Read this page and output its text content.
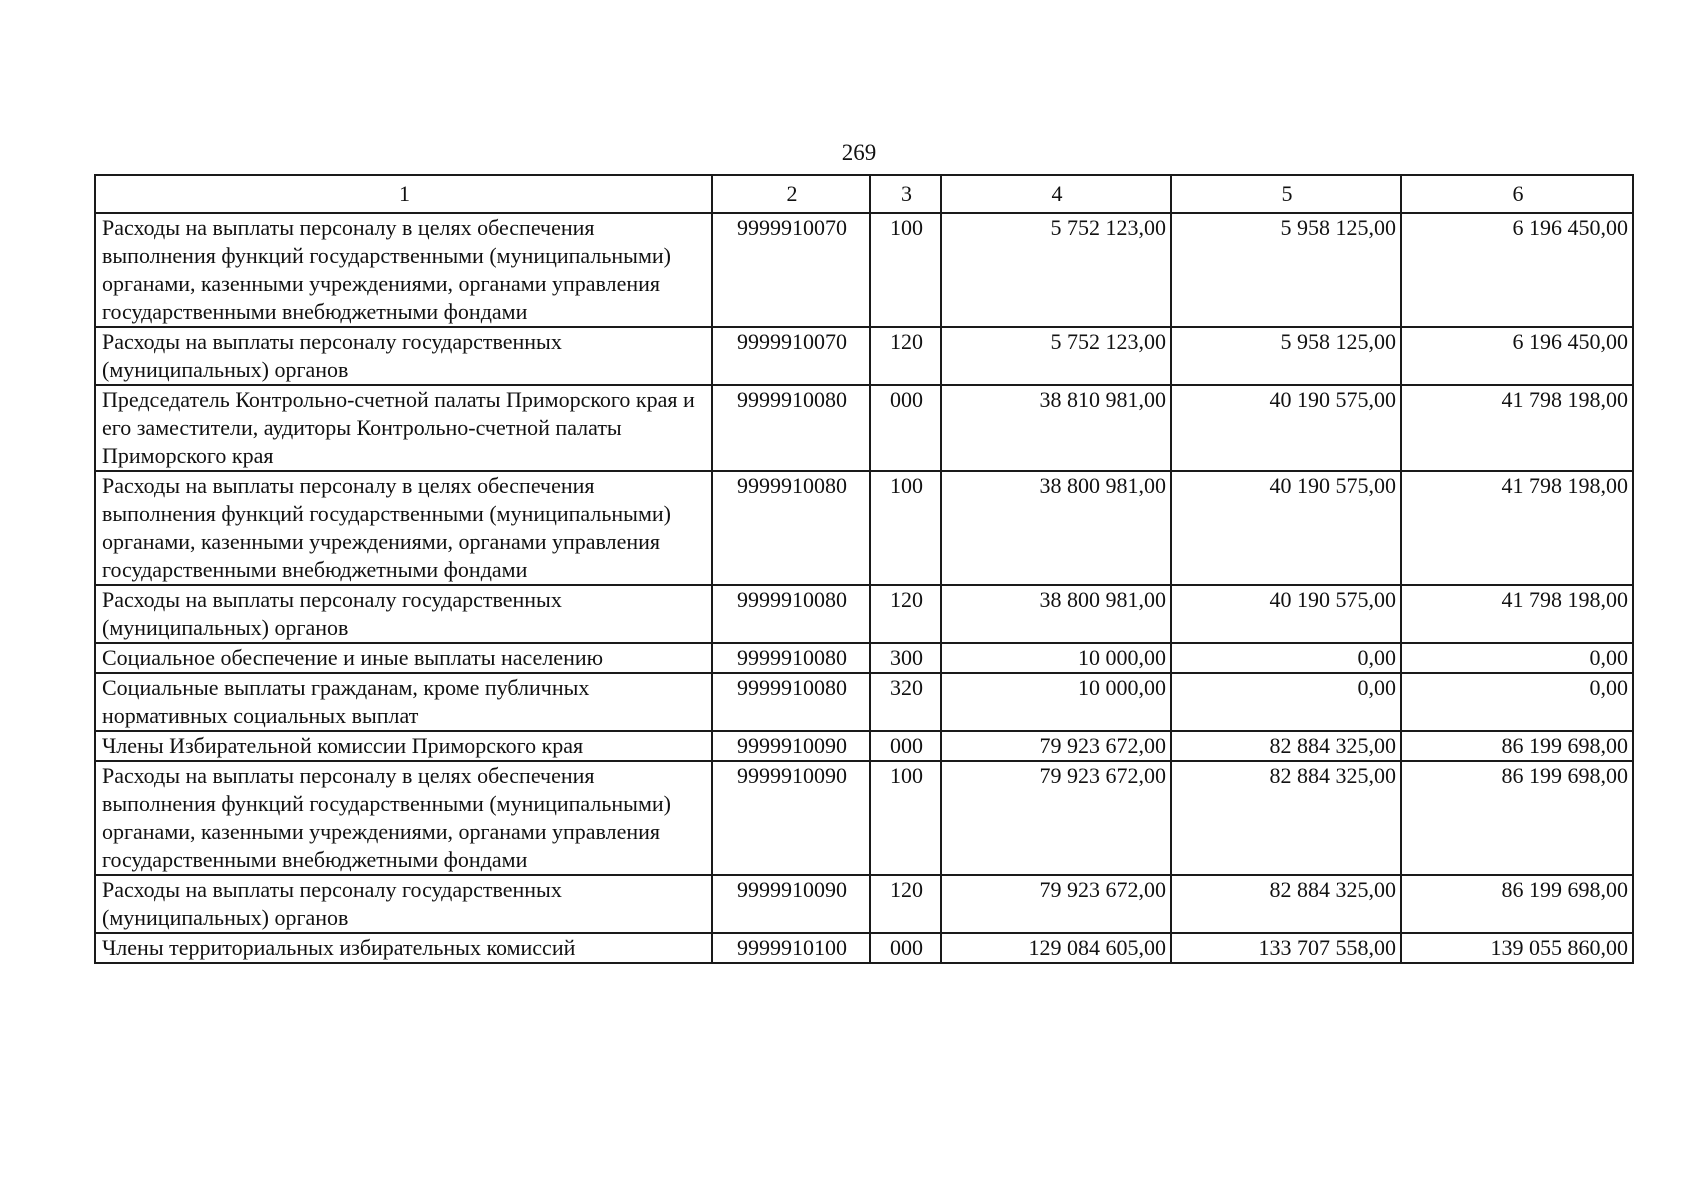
269
1	2	3	4	5	6
Расходы на выплаты персоналу в целях обеспечения выполнения функций государственными (муниципальными) органами, казенными учреждениями, органами управления государственными внебюджетными фондами	9999910070	100	5 752 123,00	5 958 125,00	6 196 450,00
Расходы на выплаты персоналу государственных (муниципальных) органов	9999910070	120	5 752 123,00	5 958 125,00	6 196 450,00
Председатель Контрольно-счетной палаты Приморского края и его заместители, аудиторы Контрольно-счетной палаты Приморского края	9999910080	000	38 810 981,00	40 190 575,00	41 798 198,00
Расходы на выплаты персоналу в целях обеспечения выполнения функций государственными (муниципальными) органами, казенными учреждениями, органами управления государственными внебюджетными фондами	9999910080	100	38 800 981,00	40 190 575,00	41 798 198,00
Расходы на выплаты персоналу государственных (муниципальных) органов	9999910080	120	38 800 981,00	40 190 575,00	41 798 198,00
Социальное обеспечение и иные выплаты населению	9999910080	300	10 000,00	0,00	0,00
Социальные выплаты гражданам, кроме публичных нормативных социальных выплат	9999910080	320	10 000,00	0,00	0,00
Члены Избирательной комиссии Приморского края	9999910090	000	79 923 672,00	82 884 325,00	86 199 698,00
Расходы на выплаты персоналу в целях обеспечения выполнения функций государственными (муниципальными) органами, казенными учреждениями, органами управления государственными внебюджетными фондами	9999910090	100	79 923 672,00	82 884 325,00	86 199 698,00
Расходы на выплаты персоналу государственных (муниципальных) органов	9999910090	120	79 923 672,00	82 884 325,00	86 199 698,00
Члены территориальных избирательных комиссий	9999910100	000	129 084 605,00	133 707 558,00	139 055 860,00
